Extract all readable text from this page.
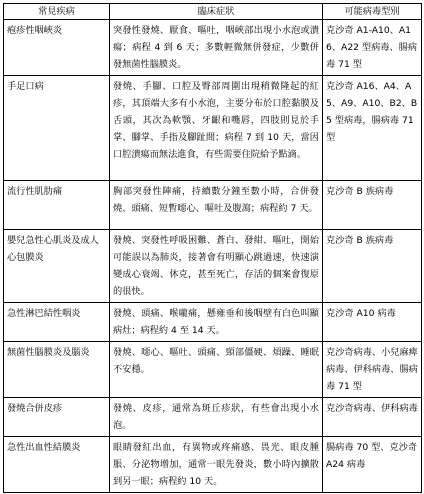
常見疾病	臨床症狀	可能病毒型別
疱疹性咽峽炎	突發性發燒、厭食、嘔吐，咽峽部出現小水泡或潰瘍；病程 4 到 6 天；多數輕微無併發症，少數併發無菌性腦膜炎。	克沙奇 A1-A10、A16、A22 型病毒、腸病毒 71 型
手足口病	發燒、手腳、口腔及臀部周圍出現稍微隆起的紅疹，其頂端大多有小水泡，主要分布於口腔黏膜及舌頭，其次為軟顎、牙齦和嘴唇，四肢則見於手掌、腳掌、手指及腳趾間；病程 7 到 10 天，當因口腔潰瘍而無法進食，有些需要住院給予點滴。	克沙奇 A16、A4、A5、A9、A10、B2、B5 型病毒，腸病毒 71 型
流行性肌肋痛	胸部突發性陣痛，持續數分鐘至數小時，合併發燒、頭痛、短暫噁心、嘔吐及腹瀉；病程約 7 天。	克沙奇 B 族病毒
嬰兒急性心肌炎及成人心包膜炎	發燒、突發性呼吸困難、蒼白、發紺、嘔吐，開始可能誤以為肺炎，接著會有明顯心跳過速，快速演變成心衰竭、休克，甚至死亡，存活的個案會復原的很快。	克沙奇 B 族病毒
急性淋巴結性咽炎	發燒、頭痛、喉嚨痛，懸雍垂和後咽壁有白色叫顯病灶；病程約 4 至 14 天。	克沙奇 A10 病毒
無菌性腦膜炎及腦炎	發燒、噁心、嘔吐、頭痛、頸部僵硬、煩躁、睡眠不安穩。	克沙奇病毒、小兒麻痺病毒、伊科病毒、腸病毒 71 型
發燒合併皮疹	發燒、皮疹，通常為斑丘疹狀，有些會出現小水泡。	克沙奇病毒、伊科病毒
急性出血性結膜炎	眼睛發紅出血，有異物或疼痛感、畏光、眼皮腫脹、分泌物增加，通常一眼先發炎，數小時內擴散到另一眼；病程約 10 天。	腸病毒 70 型、克沙奇 A24 病毒
